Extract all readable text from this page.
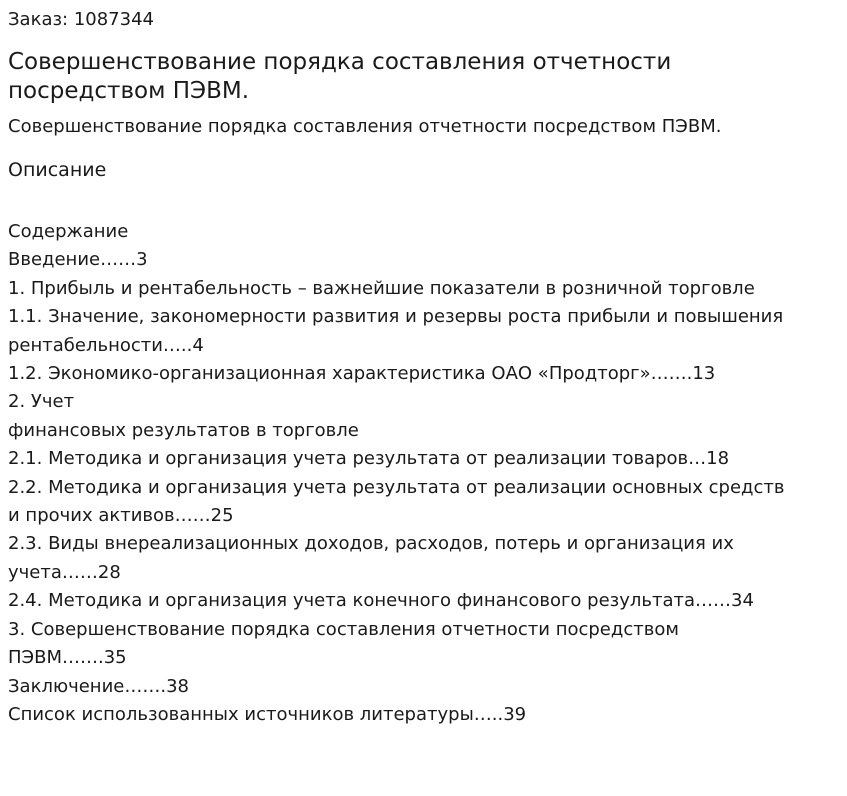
Заказ: 1087344

Совершенствование порядка составления отчетности посредством ПЭВМ.

Совершенствование порядка составления отчетности посредством ПЭВМ.

Описание
Содержание
Введение……3
1. Прибыль и рентабельность – важнейшие показатели в розничной торговле
1.1. Значение, закономерности развития и резервы роста прибыли и повышения
рентабельности…..4
1.2. Экономико-организационная характеристика ОАО «Продторг»…….13
2. Учет
финансовых результатов в торговле
2.1. Методика и организация учета результата от реализации товаров…18
2.2. Методика и организация учета результата от реализации основных средств
и прочих активов……25
2.3. Виды внереализационных доходов, расходов, потерь и организация их
учета……28
2.4. Методика и организация учета конечного финансового результата……34
3. Совершенствование порядка составления отчетности посредством
ПЭВМ…….35
Заключение…….38
Список использованных источников литературы…..39
